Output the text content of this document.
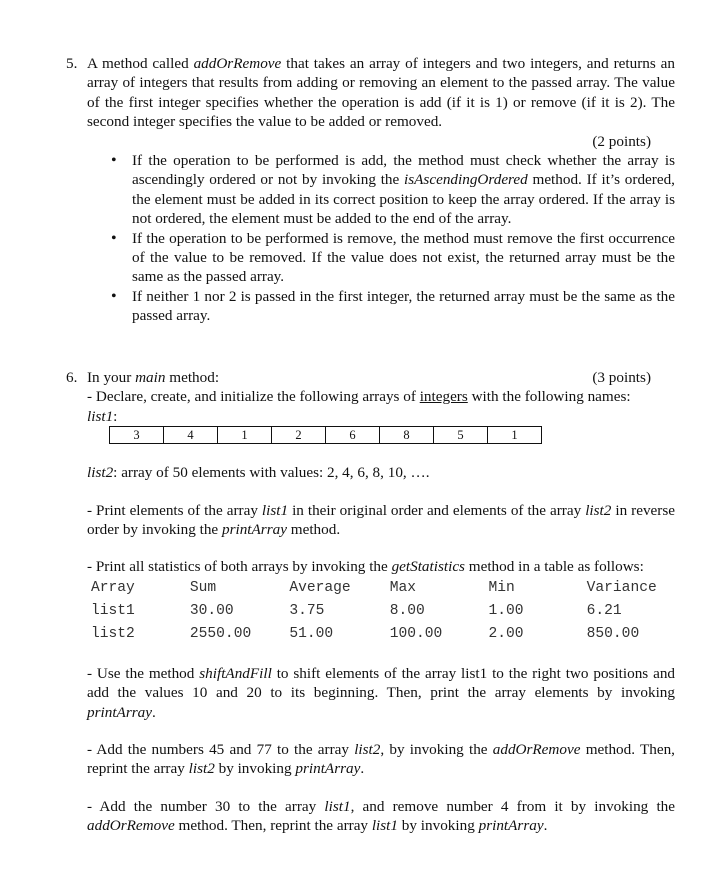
5. A method called addOrRemove that takes an array of integers and two integers, and returns an array of integers that results from adding or removing an element to the passed array. The value of the first integer specifies whether the operation is add (if it is 1) or remove (if it is 2). The second integer specifies the value to be added or removed.

(2 points)
• If the operation to be performed is add, the method must check whether the array is ascendingly ordered or not by invoking the isAscendingOrdered method. If it’s ordered, the element must be added in its correct position to keep the array ordered. If the array is not ordered, the element must be added to the end of the array.
• If the operation to be performed is remove, the method must remove the first occurrence of the value to be removed. If the value does not exist, the returned array must be the same as the passed array.
• If neither 1 nor 2 is passed in the first integer, the returned array must be the same as the passed array.
6. In your main method:	(3 points)

- Declare, create, and initialize the following arrays of integers with the following names:

list1:
3	4	1	2	6	8	5	1
list2: array of 50 elements with values: 2, 4, 6, 8, 10, ….

- Print elements of the array list1 in their original order and elements of the array list2 in reverse order by invoking the printArray method.

- Print all statistics of both arrays by invoking the getStatistics method in a table as follows:

Array	Sum	Average	Max	Min	Variance
list1	30.00	3.75	8.00	1.00	6.21
list2	2550.00	51.00	100.00	2.00	850.00

- Use the method shiftAndFill to shift elements of the array list1 to the right two positions and add the values 10 and 20 to its beginning. Then, print the array elements by invoking printArray.

- Add the numbers 45 and 77 to the array list2, by invoking the addOrRemove method. Then, reprint the array list2 by invoking printArray.

- Add the number 30 to the array list1, and remove number 4 from it by invoking the addOrRemove method. Then, reprint the array list1 by invoking printArray.
